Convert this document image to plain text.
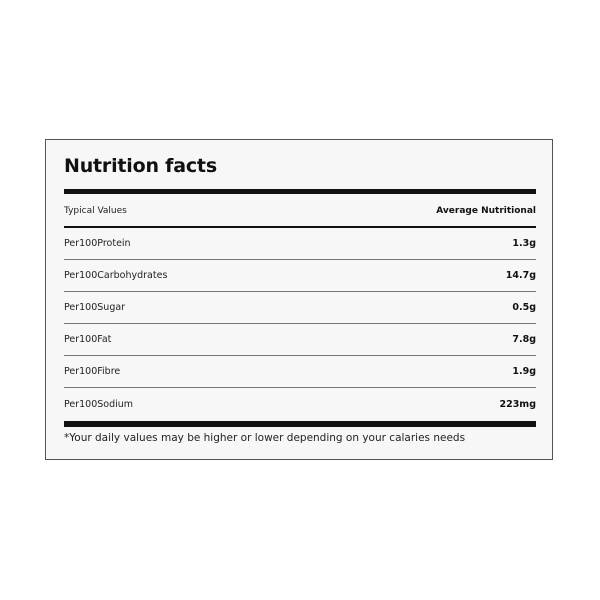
Nutrition facts
Typical Values	Average Nutritional
Per100Protein	1.3g
Per100Carbohydrates	14.7g
Per100Sugar	0.5g
Per100Fat	7.8g
Per100Fibre	1.9g
Per100Sodium	223mg
*Your daily values may be higher or lower depending on your calaries needs
